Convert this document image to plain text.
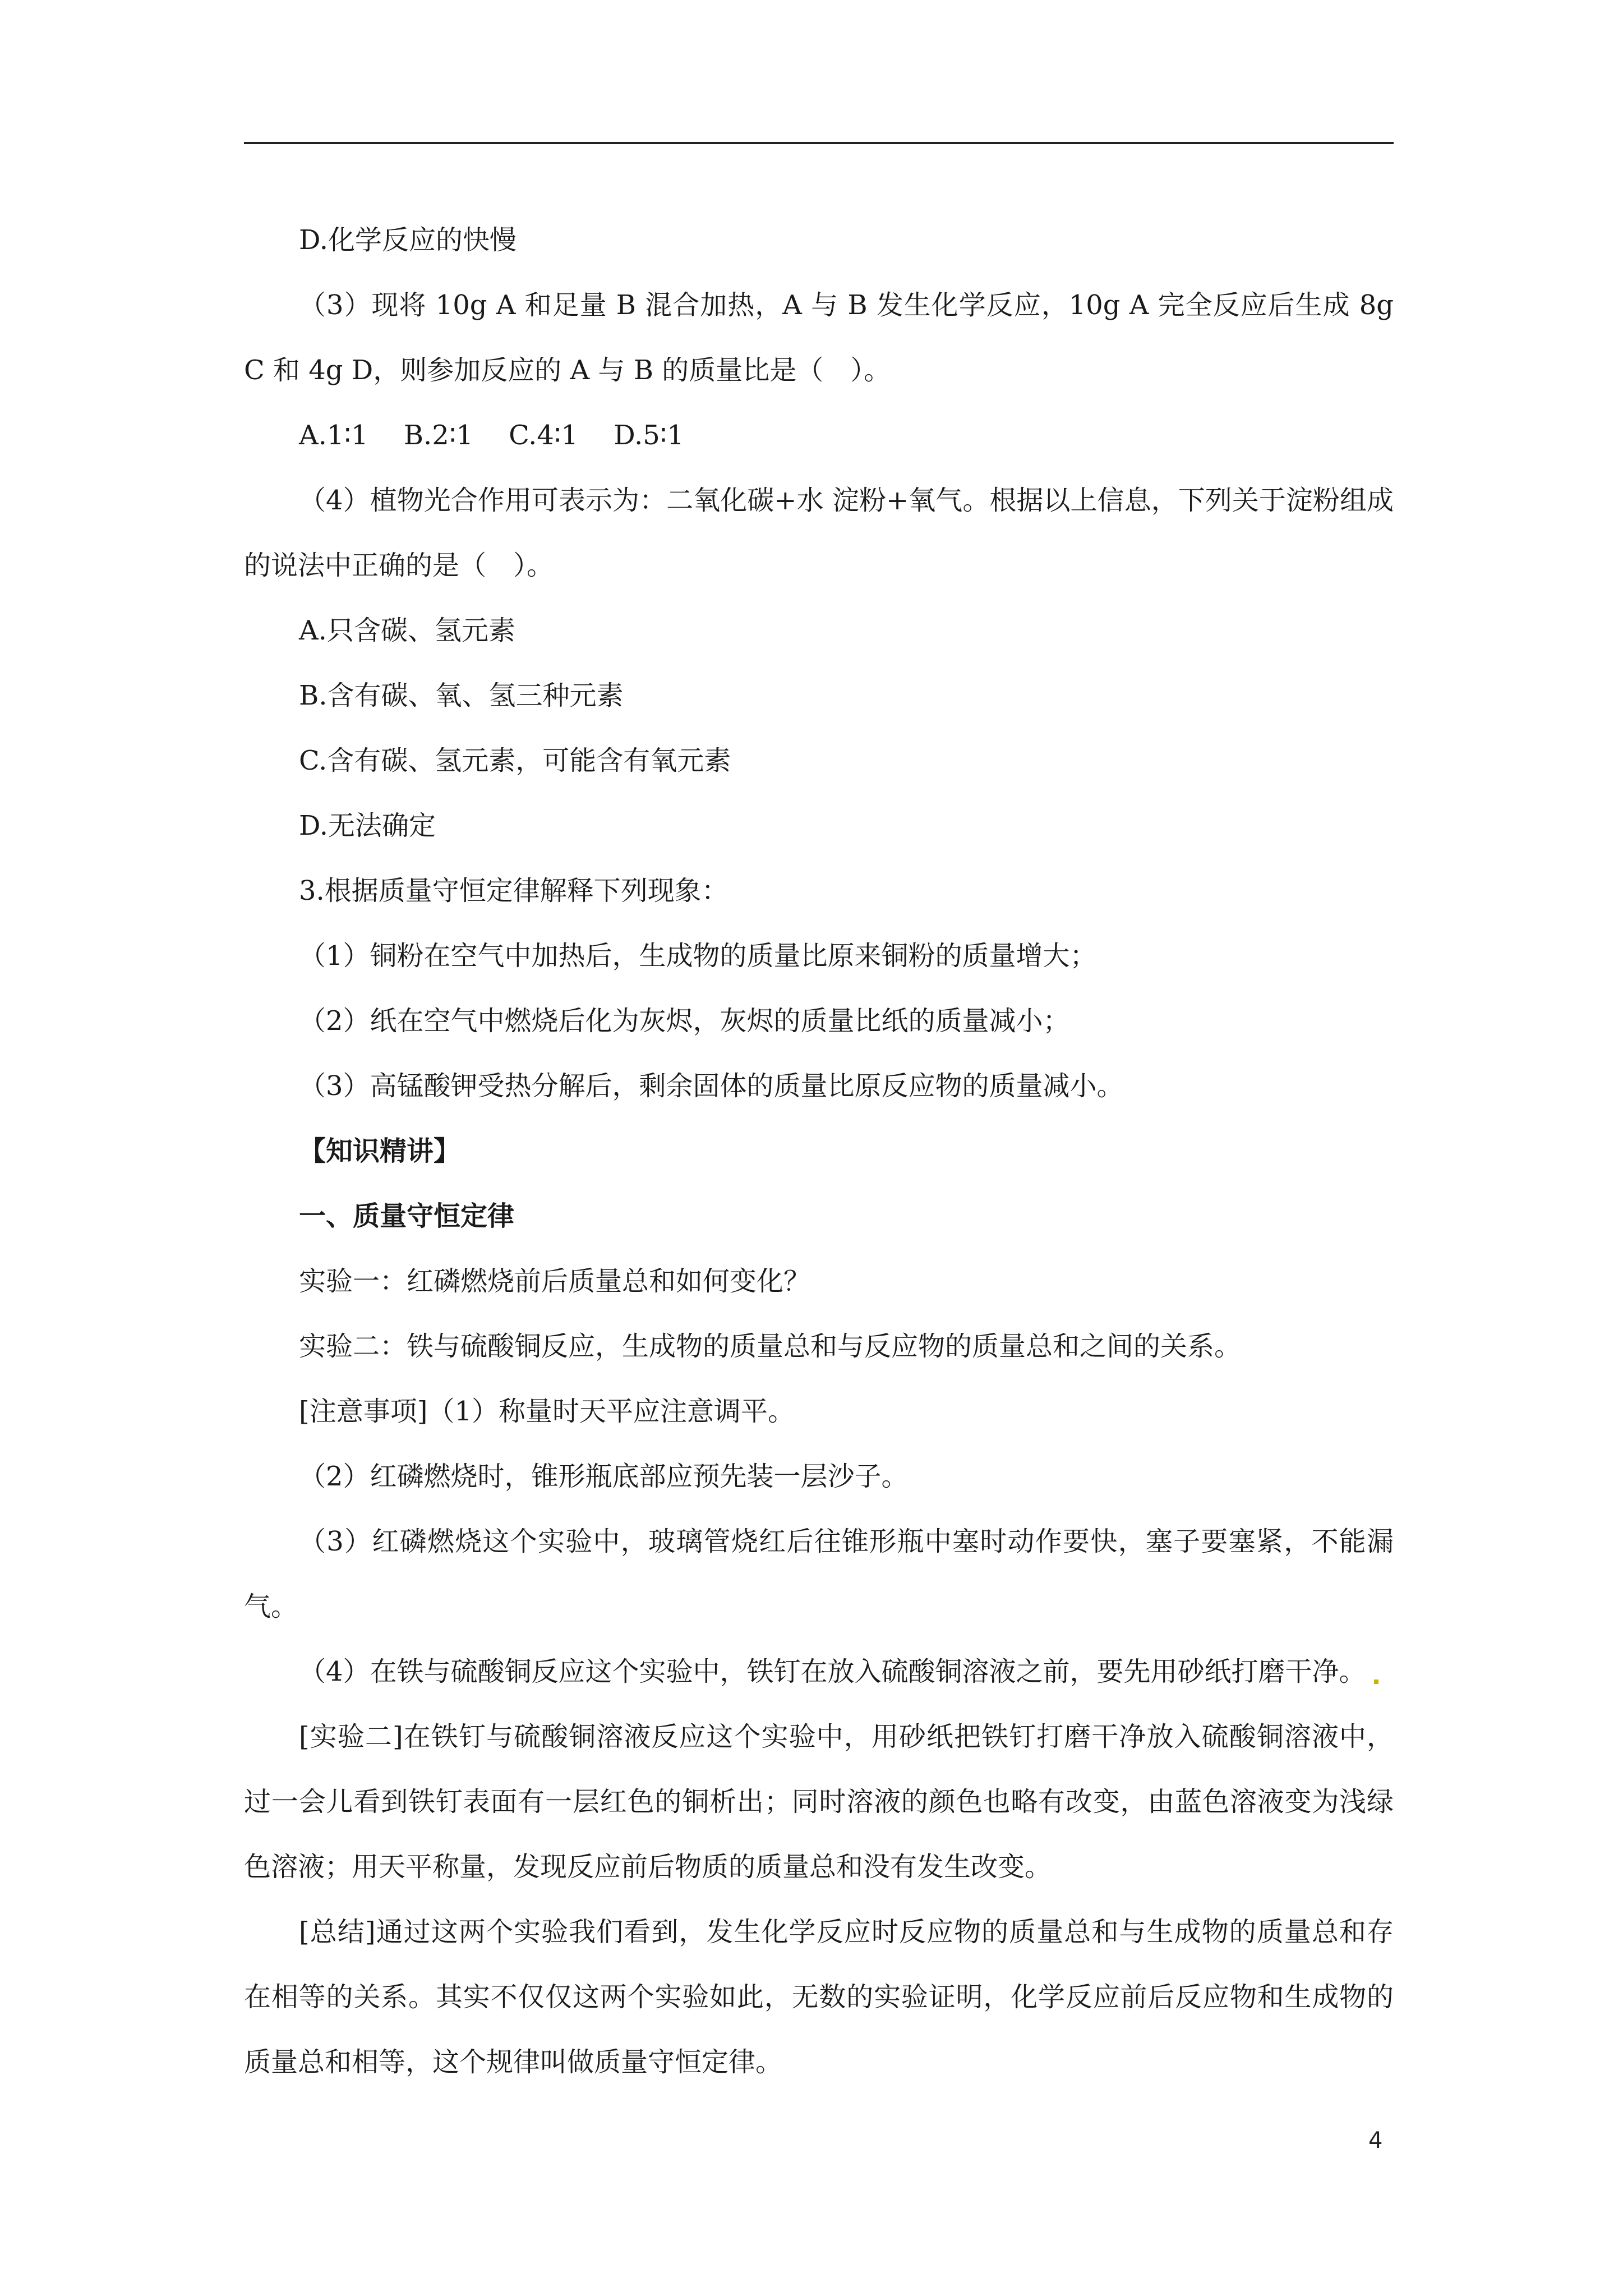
D.化学反应的快慢
（3）现将 10g A 和足量 B 混合加热，A 与 B 发生化学反应，10g A 完全反应后生成 8g C 和 4g D，则参加反应的 A 与 B 的质量比是（　）。
A.1∶1　 B.2∶1　 C.4∶1　 D.5∶1
（4）植物光合作用可表示为：二氧化碳+水 淀粉+氧气。根据以上信息，下列关于淀粉组成的说法中正确的是（　）。
A.只含碳、氢元素
B.含有碳、氧、氢三种元素
C.含有碳、氢元素，可能含有氧元素
D.无法确定
3.根据质量守恒定律解释下列现象：
（1）铜粉在空气中加热后，生成物的质量比原来铜粉的质量增大；
（2）纸在空气中燃烧后化为灰烬，灰烬的质量比纸的质量减小；
（3）高锰酸钾受热分解后，剩余固体的质量比原反应物的质量减小。
【知识精讲】
一、质量守恒定律
实验一：红磷燃烧前后质量总和如何变化？
实验二：铁与硫酸铜反应，生成物的质量总和与反应物的质量总和之间的关系。
[注意事项]（1）称量时天平应注意调平。
（2）红磷燃烧时，锥形瓶底部应预先装一层沙子。
（3）红磷燃烧这个实验中，玻璃管烧红后往锥形瓶中塞时动作要快，塞子要塞紧，不能漏气。
（4）在铁与硫酸铜反应这个实验中，铁钉在放入硫酸铜溶液之前，要先用砂纸打磨干净。
[实验二]在铁钉与硫酸铜溶液反应这个实验中，用砂纸把铁钉打磨干净放入硫酸铜溶液中，过一会儿看到铁钉表面有一层红色的铜析出；同时溶液的颜色也略有改变，由蓝色溶液变为浅绿色溶液；用天平称量，发现反应前后物质的质量总和没有发生改变。
[总结]通过这两个实验我们看到，发生化学反应时反应物的质量总和与生成物的质量总和存在相等的关系。其实不仅仅这两个实验如此，无数的实验证明，化学反应前后反应物和生成物的质量总和相等，这个规律叫做质量守恒定律。
4
